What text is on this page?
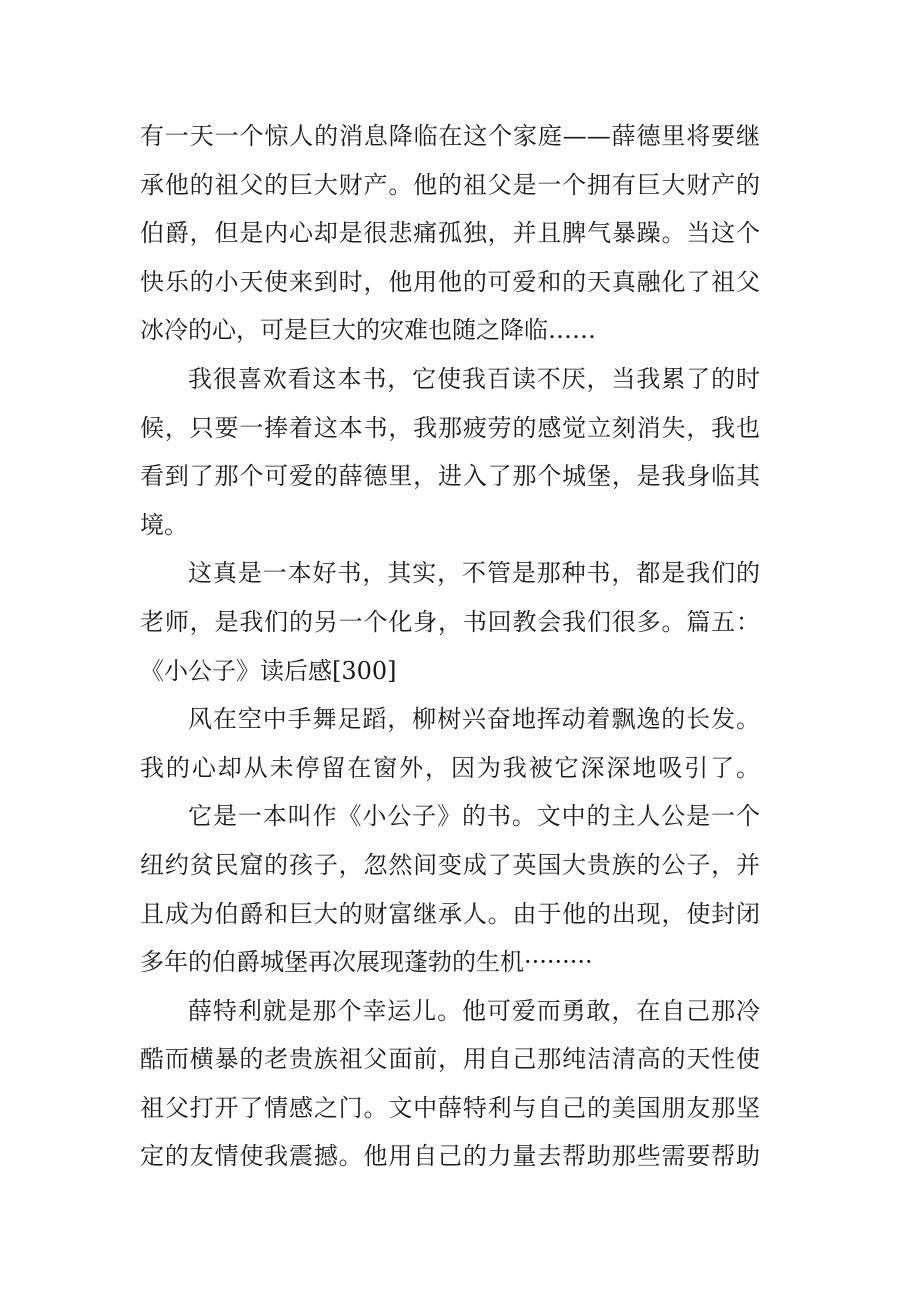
有一天一个惊人的消息降临在这个家庭——薛德里将要继
承他的祖父的巨大财产。他的祖父是一个拥有巨大财产的
伯爵，但是内心却是很悲痛孤独，并且脾气暴躁。当这个
快乐的小天使来到时，他用他的可爱和的天真融化了祖父
冰冷的心，可是巨大的灾难也随之降临……
我很喜欢看这本书，它使我百读不厌，当我累了的时
候，只要一捧着这本书，我那疲劳的感觉立刻消失，我也
看到了那个可爱的薛德里，进入了那个城堡，是我身临其
境。
这真是一本好书，其实，不管是那种书，都是我们的
老师，是我们的另一个化身，书回教会我们很多。篇五：
《小公子》读后感[300]
风在空中手舞足蹈，柳树兴奋地挥动着飘逸的长发。
我的心却从未停留在窗外，因为我被它深深地吸引了。
它是一本叫作《小公子》的书。文中的主人公是一个
纽约贫民窟的孩子，忽然间变成了英国大贵族的公子，并
且成为伯爵和巨大的财富继承人。由于他的出现，使封闭
多年的伯爵城堡再次展现蓬勃的生机·········
薛特利就是那个幸运儿。他可爱而勇敢，在自己那冷
酷而横暴的老贵族祖父面前，用自己那纯洁清高的天性使
祖父打开了情感之门。文中薛特利与自己的美国朋友那坚
定的友情使我震撼。他用自己的力量去帮助那些需要帮助
